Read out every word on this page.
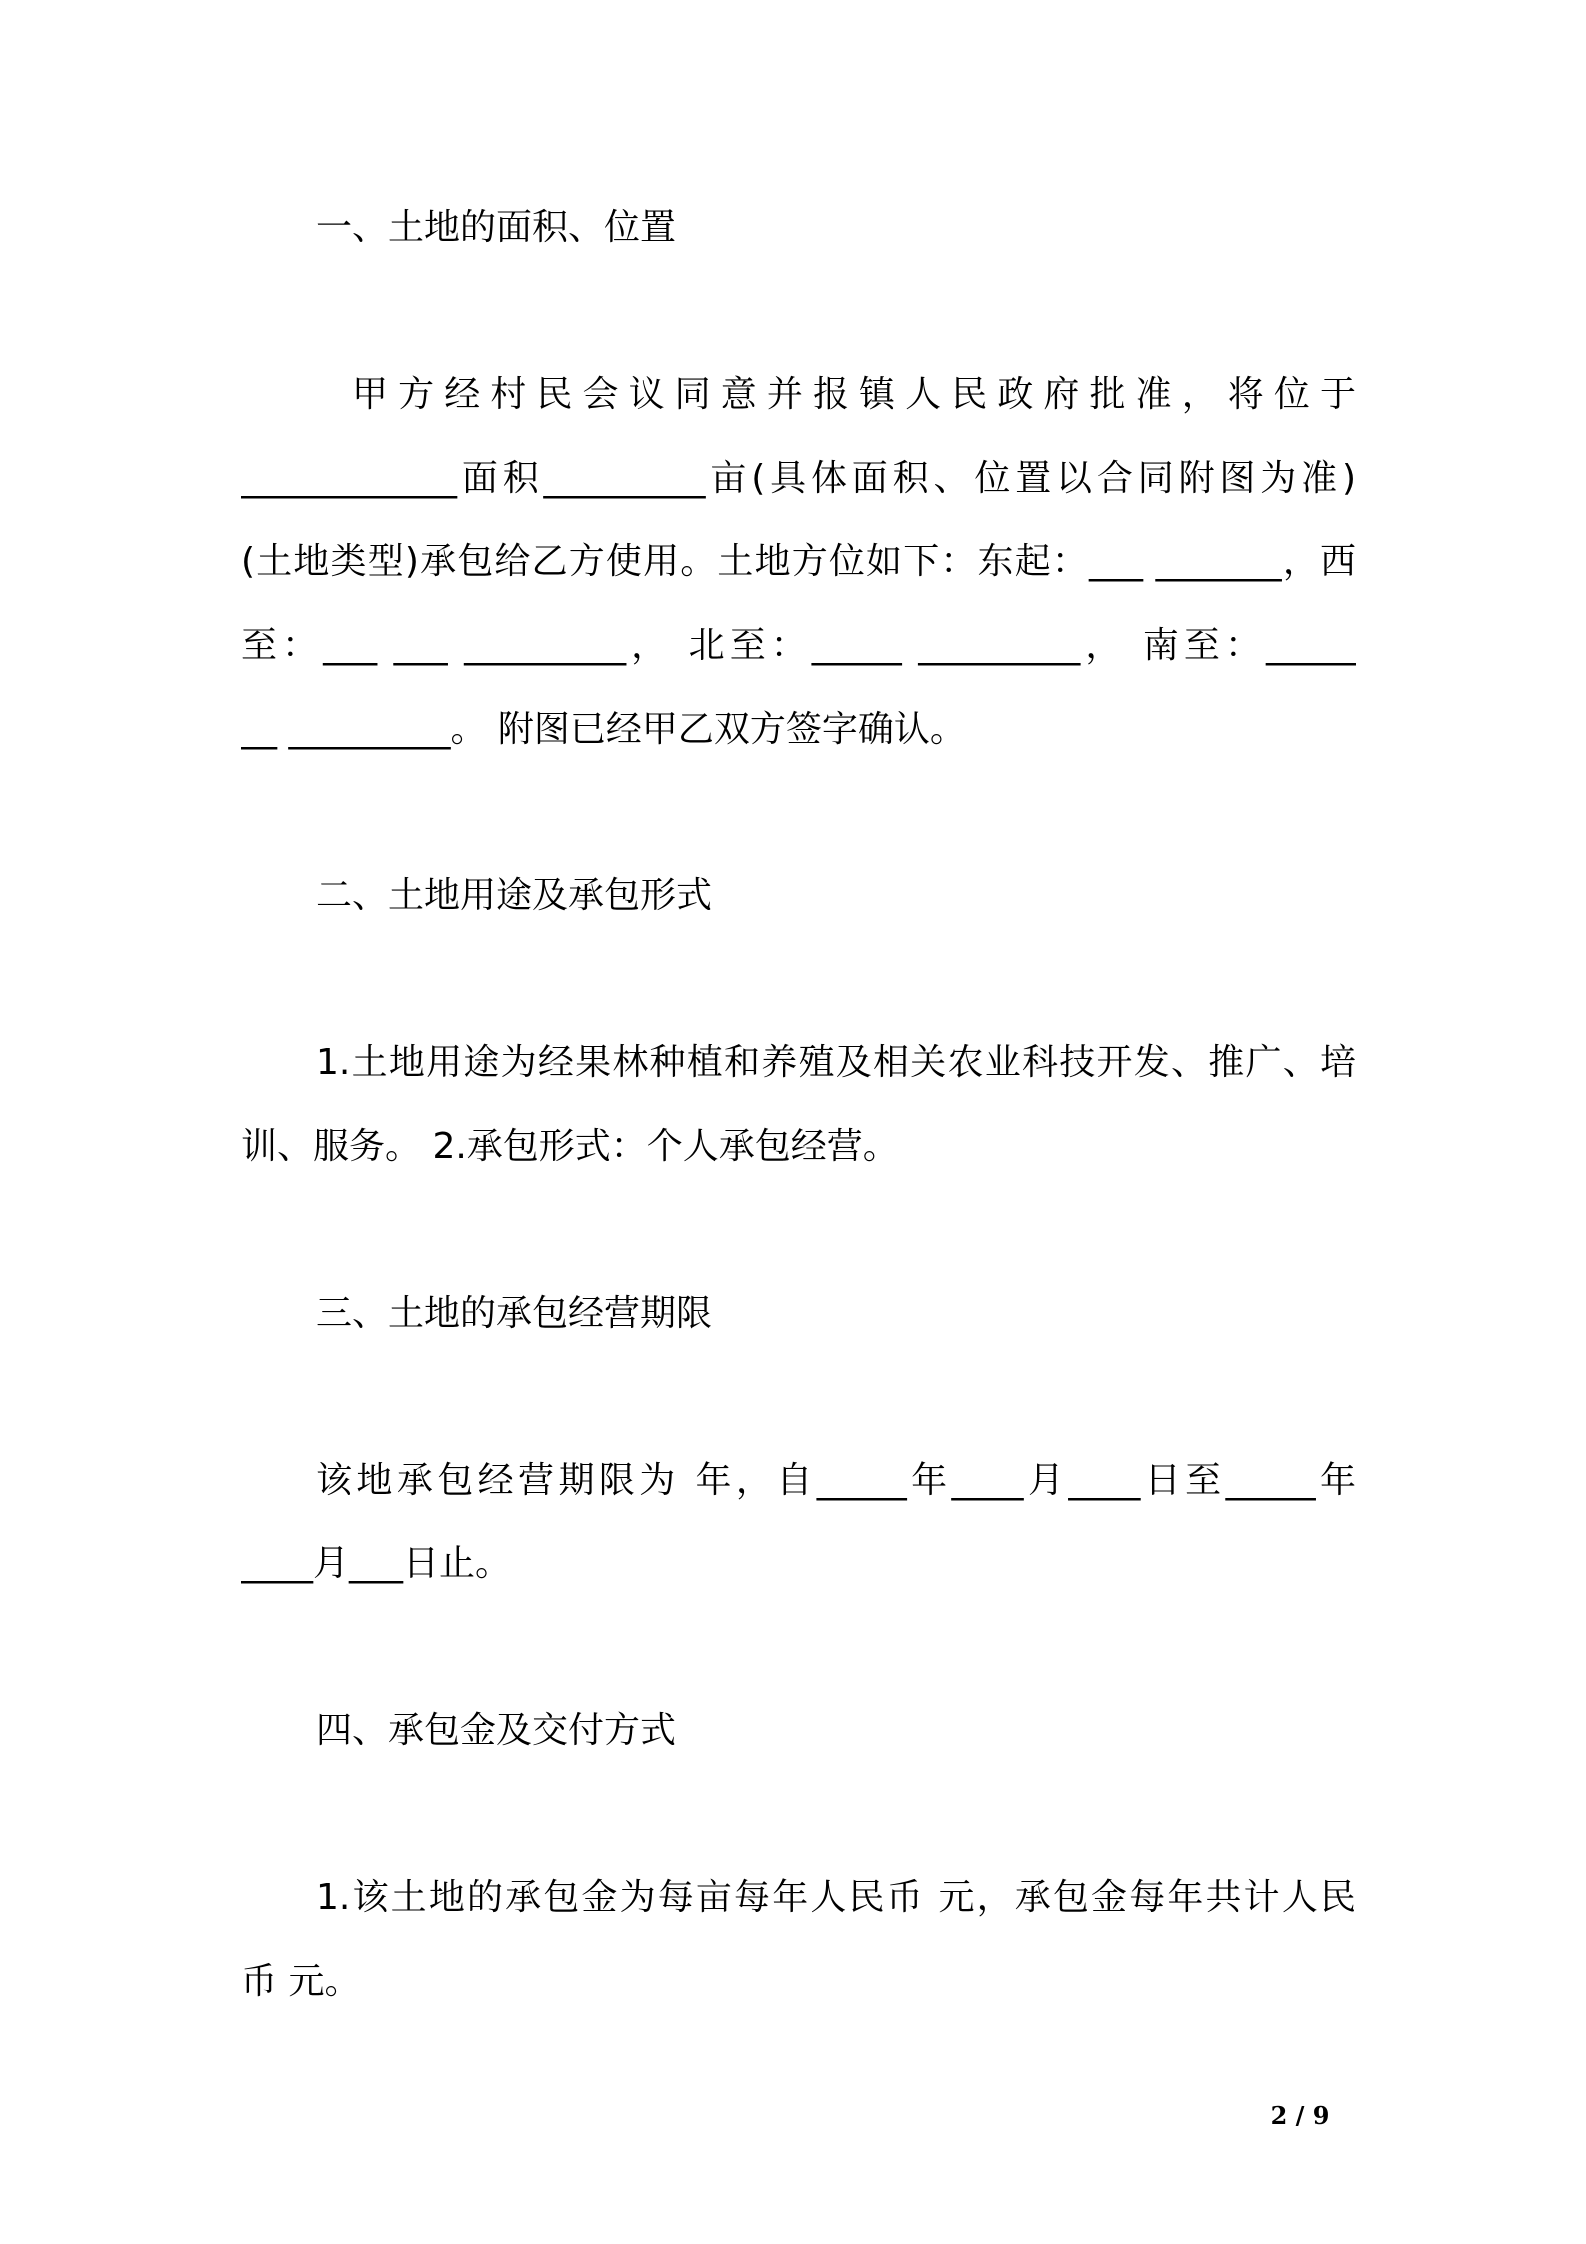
一、土地的面积、位置
甲方经村民会议同意并报镇人民政府批准，将位于
____________面积_________亩(具体面积、位置以合同附图为准)
(土地类型)承包给乙方使用。土地方位如下：东起：___ _______，西
至：___ ___ _________， 北至：_____ _________， 南至：_____
__ _________。 附图已经甲乙双方签字确认。
二、土地用途及承包形式
1.土地用途为经果林种植和养殖及相关农业科技开发、推广、培
训、服务。 2.承包形式：个人承包经营。
三、土地的承包经营期限
该地承包经营期限为 年，自_____年____月____日至_____年
____月___日止。
四、承包金及交付方式
1.该土地的承包金为每亩每年人民币 元，承包金每年共计人民
币 元。
2 / 9
